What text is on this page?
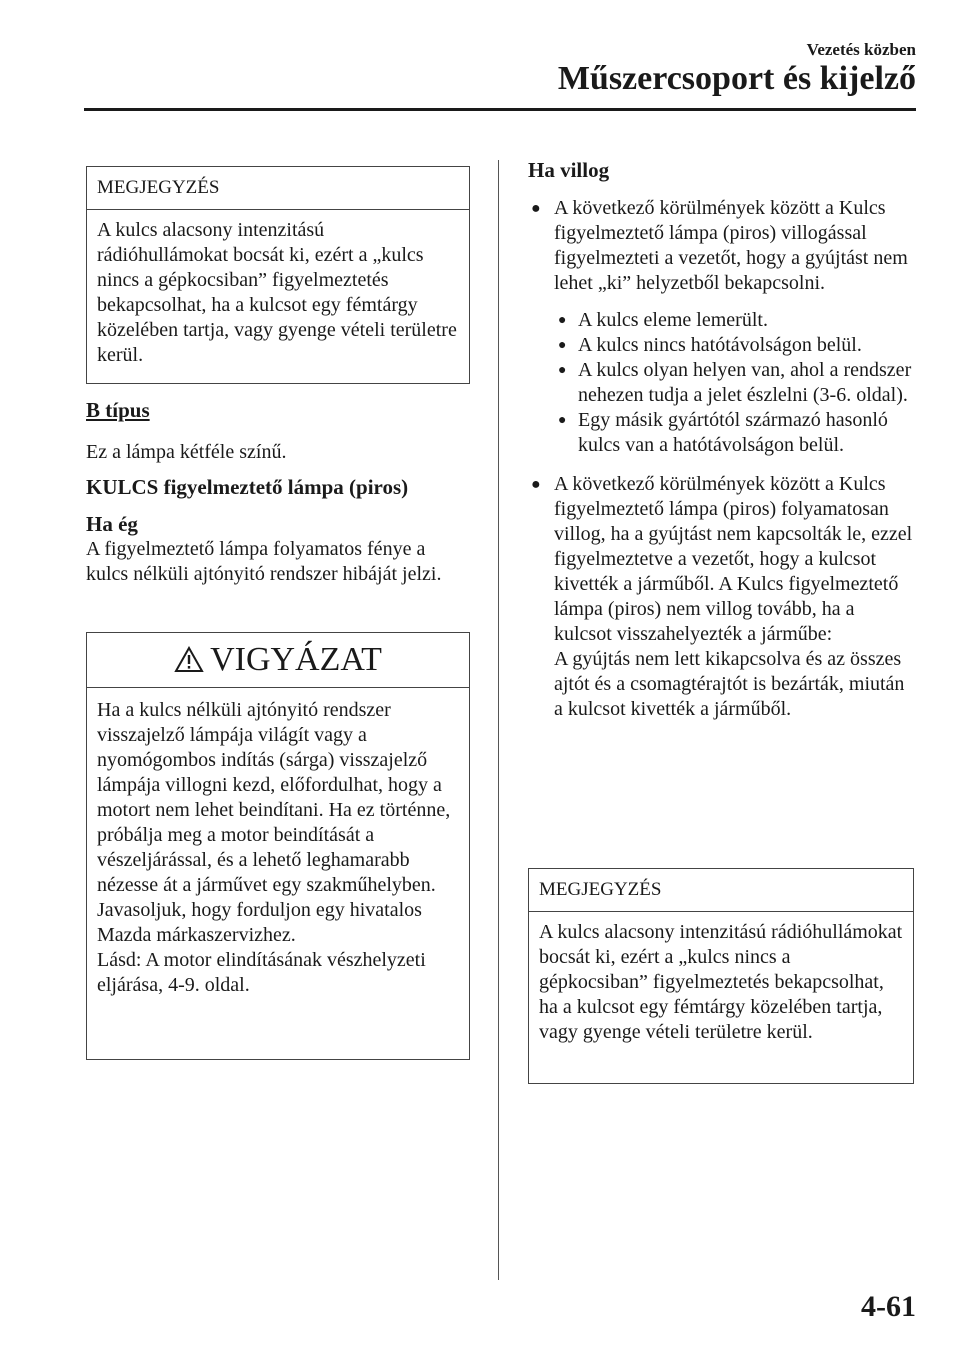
Vezetés közben
Műszercsoport és kijelző
MEGJEGYZÉS
A kulcs alacsony intenzitású rádióhullámokat bocsát ki, ezért a „kulcs nincs a gépkocsiban” figyelmeztetés bekapcsolhat, ha a kulcsot egy fémtárgy közelében tartja, vagy gyenge vételi területre kerül.
B típus
Ez a lámpa kétféle színű.
KULCS figyelmeztető lámpa (piros)
Ha ég
A figyelmeztető lámpa folyamatos fénye a kulcs nélküli ajtónyitó rendszer hibáját jelzi.
VIGYÁZAT
Ha a kulcs nélküli ajtónyitó rendszer visszajelző lámpája világít vagy a nyomógombos indítás (sárga) visszajelző lámpája villogni kezd, előfordulhat, hogy a motort nem lehet beindítani. Ha ez történne, próbálja meg a motor beindítását a vészeljárással, és a lehető leghamarabb nézesse át a járművet egy szakműhelyben. Javasoljuk, hogy forduljon egy hivatalos Mazda márkaszervizhez.
Lásd: A motor elindításának vészhelyzeti eljárása, 4-9. oldal.
Ha villog
● A következő körülmények között a Kulcs figyelmeztető lámpa (piros) villogással figyelmezteti a vezetőt, hogy a gyújtást nem lehet „ki” helyzetből bekapcsolni.
● A kulcs eleme lemerült.
● A kulcs nincs hatótávolságon belül.
● A kulcs olyan helyen van, ahol a rendszer nehezen tudja a jelet észlelni (3-6. oldal).
● Egy másik gyártótól származó hasonló kulcs van a hatótávolságon belül.
● A következő körülmények között a Kulcs figyelmeztető lámpa (piros) folyamatosan villog, ha a gyújtást nem kapcsolták le, ezzel figyelmeztetve a vezetőt, hogy a kulcsot kivették a járműből. A Kulcs figyelmeztető lámpa (piros) nem villog tovább, ha a kulcsot visszahelyezték a járműbe:
A gyújtás nem lett kikapcsolva és az összes ajtót és a csomagtérajtót is bezárták, miután a kulcsot kivették a járműből.
MEGJEGYZÉS
A kulcs alacsony intenzitású rádióhullámokat bocsát ki, ezért a „kulcs nincs a gépkocsiban” figyelmeztetés bekapcsolhat, ha a kulcsot egy fémtárgy közelében tartja, vagy gyenge vételi területre kerül.
4-61
